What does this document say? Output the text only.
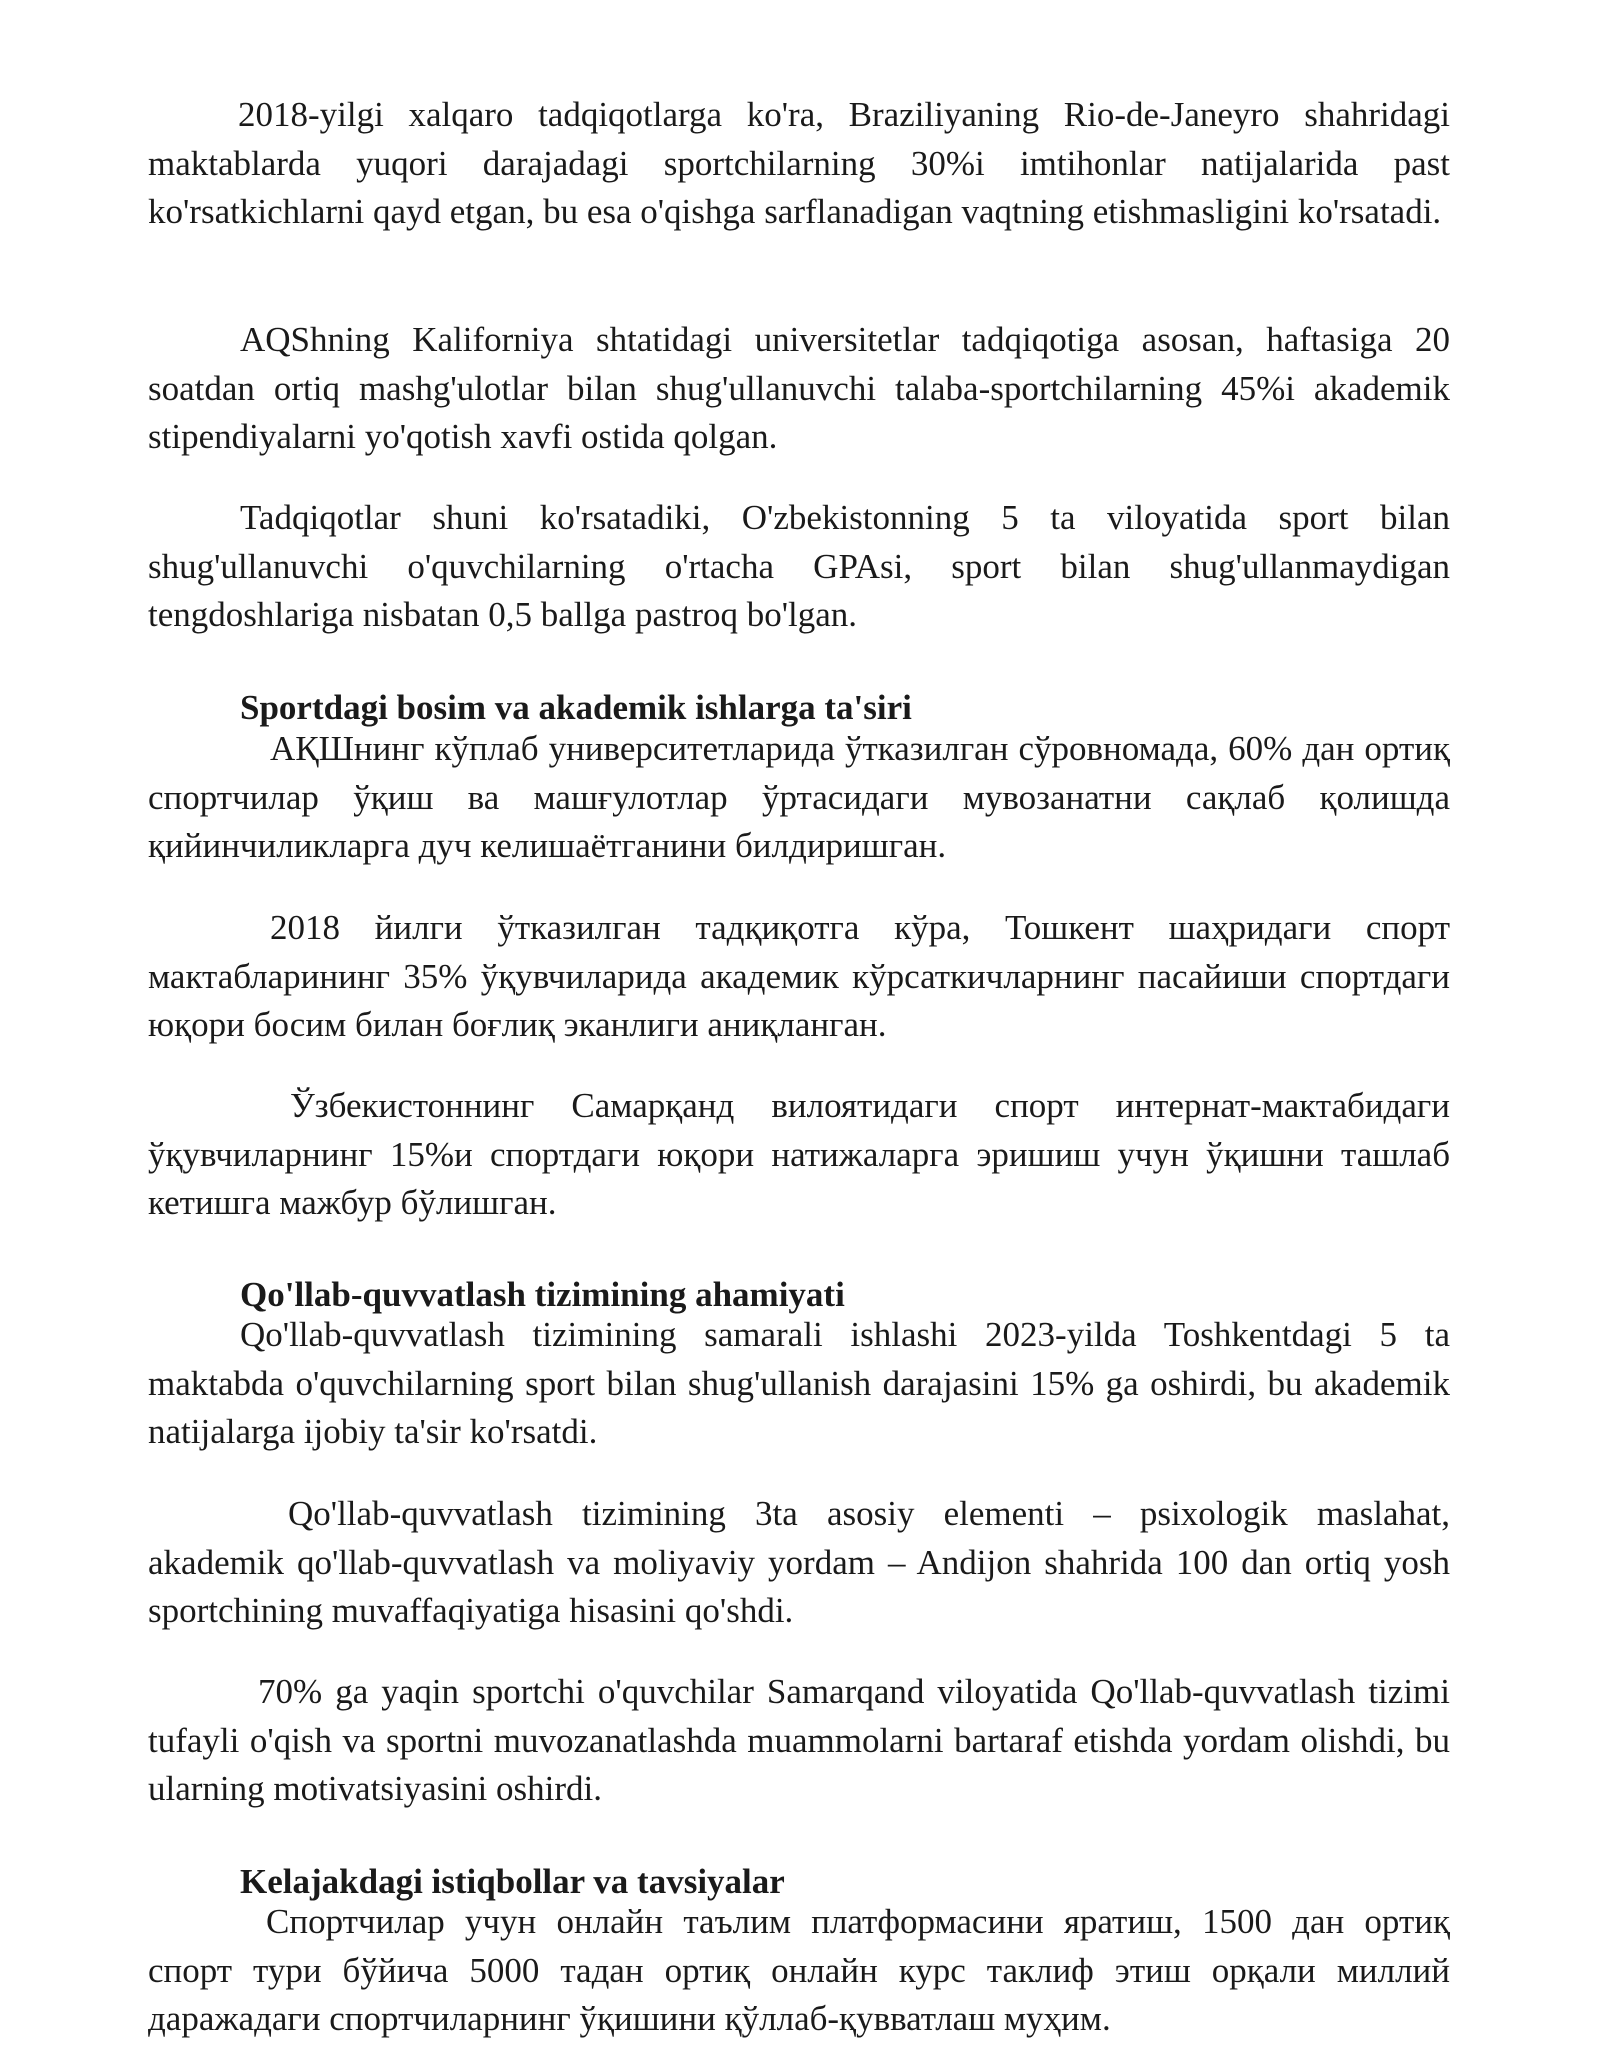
2018-yilgi xalqaro tadqiqotlarga ko'ra, Braziliyaning Rio-de-Janeyro shahridagi maktablarda yuqori darajadagi sportchilarning 30%i imtihonlar natijalarida past ko'rsatkichlarni qayd etgan, bu esa o'qishga sarflanadigan vaqtning etishmasligini ko'rsatadi.

AQShning Kaliforniya shtatidagi universitetlar tadqiqotiga asosan, haftasiga 20 soatdan ortiq mashg'ulotlar bilan shug'ullanuvchi talaba-sportchilarning 45%i akademik stipendiyalarni yo'qotish xavfi ostida qolgan.

Tadqiqotlar shuni ko'rsatadiki, O'zbekistonning 5 ta viloyatida sport bilan shug'ullanuvchi o'quvchilarning o'rtacha GPAsi, sport bilan shug'ullanmaydigan tengdoshlariga nisbatan 0,5 ballga pastroq bo'lgan.

Sportdagi bosim va akademik ishlarga ta'siri

АҚШнинг кўплаб университетларида ўтказилган сўровномада, 60% дан ортиқ спортчилар ўқиш ва машғулотлар ўртасидаги мувозанатни сақлаб қолишда қийинчиликларга дуч келишаётганини билдиришган.

2018 йилги ўтказилган тадқиқотга кўра, Тошкент шаҳридаги спорт мактабларининг 35% ўқувчиларида академик кўрсаткичларнинг пасайиши спортдаги юқори босим билан боғлиқ эканлиги аниқланган.

Ўзбекистоннинг Самарқанд вилоятидаги спорт интернат-мактабидаги ўқувчиларнинг 15%и спортдаги юқори натижаларга эришиш учун ўқишни ташлаб кетишга мажбур бўлишган.

Qo'llab-quvvatlash tizimining ahamiyati

Qo'llab-quvvatlash tizimining samarali ishlashi 2023-yilda Toshkentdagi 5 ta maktabda o'quvchilarning sport bilan shug'ullanish darajasini 15% ga oshirdi, bu akademik natijalarga ijobiy ta'sir ko'rsatdi.

Qo'llab-quvvatlash tizimining 3ta asosiy elementi – psixologik maslahat, akademik qo'llab-quvvatlash va moliyaviy yordam – Andijon shahrida 100 dan ortiq yosh sportchining muvaffaqiyatiga hisasini qo'shdi.

70% ga yaqin sportchi o'quvchilar Samarqand viloyatida Qo'llab-quvvatlash tizimi tufayli o'qish va sportni muvozanatlashda muammolarni bartaraf etishda yordam olishdi, bu ularning motivatsiyasini oshirdi.

Kelajakdagi istiqbollar va tavsiyalar

Спортчилар учун онлайн таълим платформасини яратиш, 1500 дан ортиқ спорт тури бўйича 5000 тадан ортиқ онлайн курс таклиф этиш орқали миллий даражадаги спортчиларнинг ўқишини қўллаб-қувватлаш муҳим.
